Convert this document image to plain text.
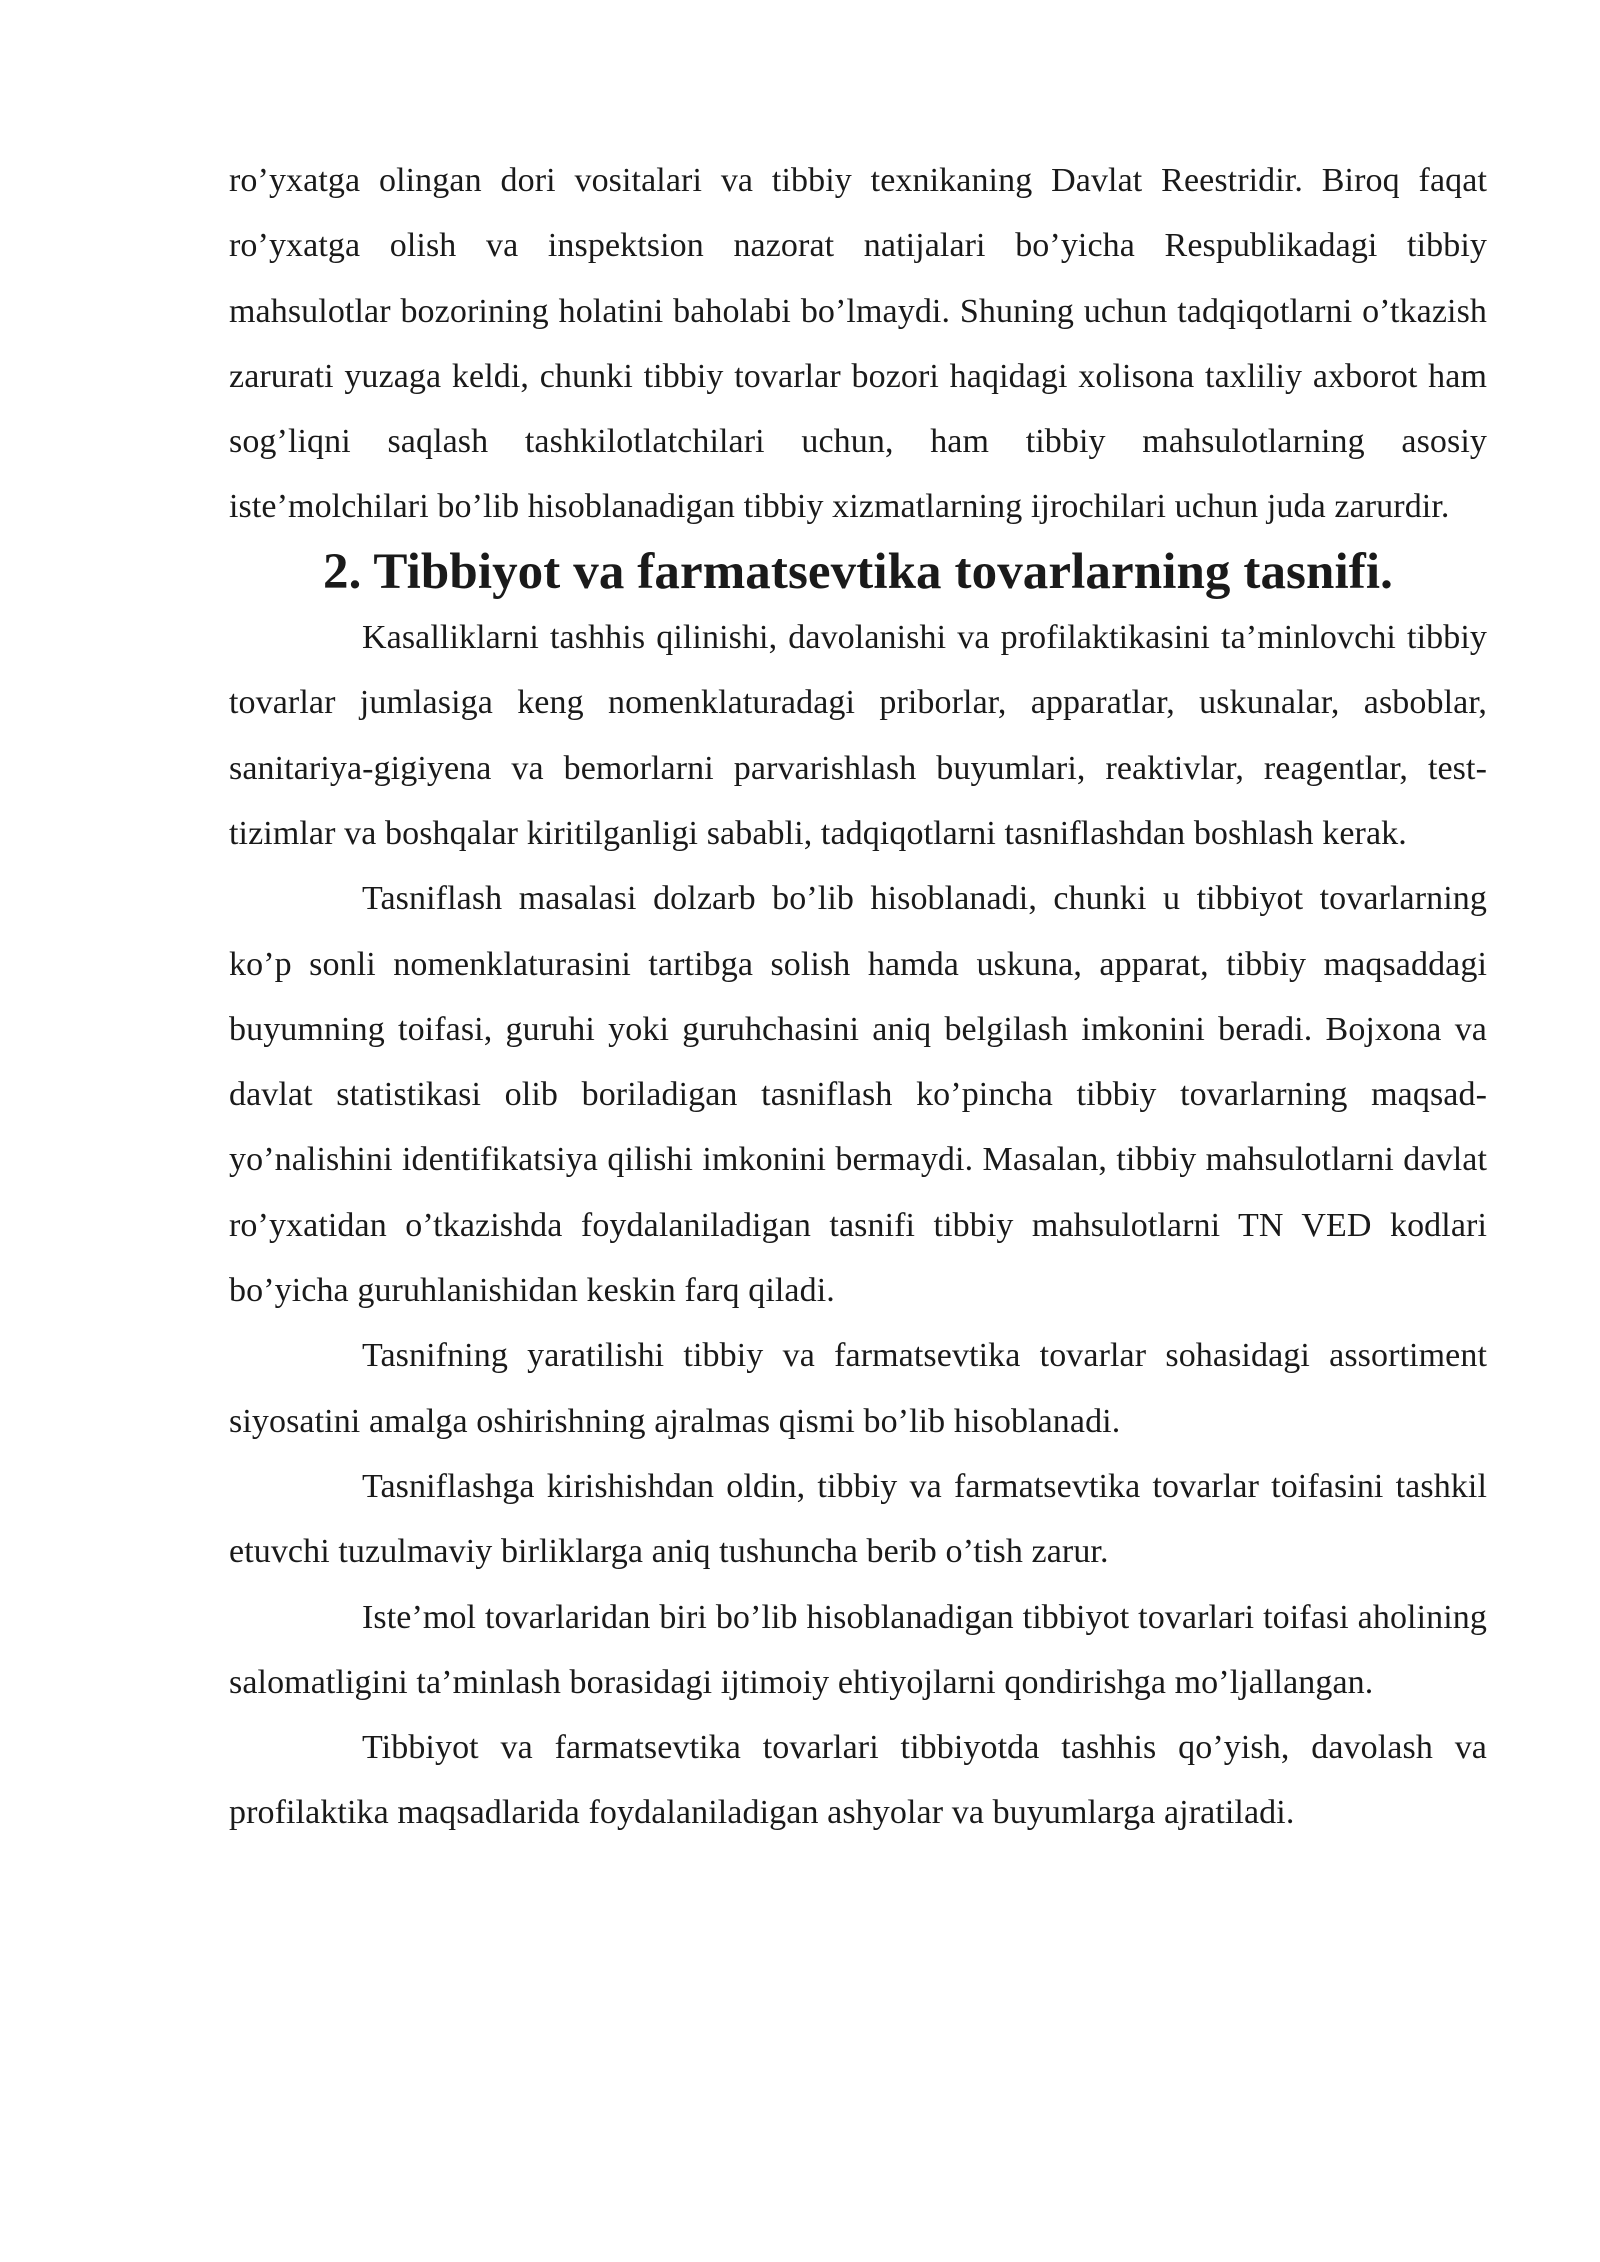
ro’yxatga olingan dori vositalari va tibbiy texnikaning Davlat Reestridir. Biroq faqat ro’yxatga olish va inspektsion nazorat natijalari bo’yicha Respublikadagi tibbiy mahsulotlar bozorining holatini baholabi bo’lmaydi. Shuning uchun tadqiqotlarni o’tkazish zarurati yuzaga keldi, chunki tibbiy tovarlar bozori haqidagi xolisona taxliliy axborot ham sog’liqni saqlash tashkilotlatchilari uchun, ham tibbiy mahsulotlarning asosiy iste’molchilari bo’lib hisoblanadigan tibbiy xizmatlarning ijrochilari uchun juda zarurdir.

2. Tibbiyot va farmatsevtika tovarlarning tasnifi.

Kasalliklarni tashhis qilinishi, davolanishi va profilaktikasini ta’minlovchi tibbiy tovarlar jumlasiga keng nomenklaturadagi priborlar, apparatlar, uskunalar, asboblar, sanitariya-gigiyena va bemorlarni parvarishlash buyumlari, reaktivlar, reagentlar, test-tizimlar va boshqalar kiritilganligi sababli, tadqiqotlarni tasniflashdan boshlash kerak.

Tasniflash masalasi dolzarb bo’lib hisoblanadi, chunki u tibbiyot tovarlarning ko’p sonli nomenklaturasini tartibga solish hamda uskuna, apparat, tibbiy maqsaddagi buyumning toifasi, guruhi yoki guruhchasini aniq belgilash imkonini beradi. Bojxona va davlat statistikasi olib boriladigan tasniflash ko’pincha tibbiy tovarlarning maqsad-yo’nalishini identifikatsiya qilishi imkonini bermaydi. Masalan, tibbiy mahsulotlarni davlat ro’yxatidan o’tkazishda foydalaniladigan tasnifi tibbiy mahsulotlarni TN VED kodlari bo’yicha guruhlanishidan keskin farq qiladi.

Tasnifning yaratilishi tibbiy va farmatsevtika tovarlar sohasidagi assortiment siyosatini amalga oshirishning ajralmas qismi bo’lib hisoblanadi.

Tasniflashga kirishishdan oldin, tibbiy va farmatsevtika tovarlar toifasini tashkil etuvchi tuzulmaviy birliklarga aniq tushuncha berib o’tish zarur.

Iste’mol tovarlaridan biri bo’lib hisoblanadigan tibbiyot tovarlari toifasi aholining salomatligini ta’minlash borasidagi ijtimoiy ehtiyojlarni qondirishga mo’ljallangan.

Tibbiyot va farmatsevtika tovarlari tibbiyotda tashhis qo’yish, davolash va profilaktika maqsadlarida foydalaniladigan ashyolar va buyumlarga ajratiladi.
